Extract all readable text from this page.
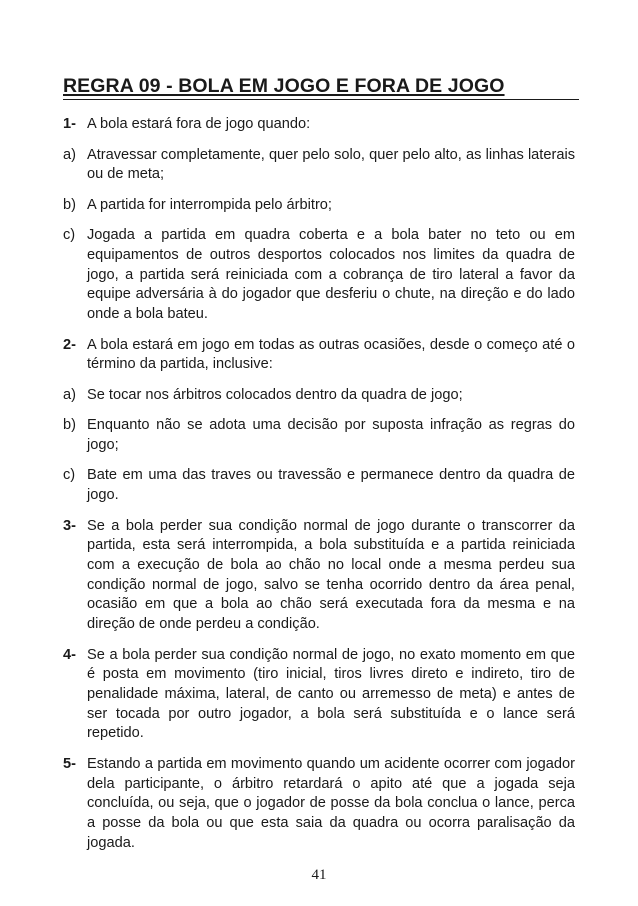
REGRA 09 - BOLA EM JOGO E FORA DE JOGO
1- A bola estará fora de jogo quando:
a) Atravessar completamente, quer pelo solo, quer pelo alto, as linhas laterais ou de meta;
b) A partida for interrompida pelo árbitro;
c) Jogada a partida em quadra coberta e a bola bater no teto ou em equipamentos de outros desportos colocados nos limites da quadra de jogo, a partida será reiniciada com a cobrança de tiro lateral a favor da equipe adversária à do jogador que desferiu o chute, na direção e do lado onde a bola bateu.
2- A bola estará em jogo em todas as outras ocasiões, desde o começo até o término da partida, inclusive:
a) Se tocar nos árbitros colocados dentro da quadra de jogo;
b) Enquanto não se adota uma decisão por suposta infração as regras do jogo;
c) Bate em uma das traves ou travessão e permanece dentro da quadra de jogo.
3- Se a bola perder sua condição normal de jogo durante o transcorrer da partida, esta será interrompida, a bola substituída e a partida reiniciada com a execução de bola ao chão no local onde a mesma perdeu sua condição normal de jogo, salvo se tenha ocorrido dentro da área penal, ocasião em que a bola ao chão será executada fora da mesma e na direção de onde perdeu a condição.
4- Se a bola perder sua condição normal de jogo, no exato momento em que é posta em movimento (tiro inicial, tiros livres direto e indireto, tiro de penalidade máxima, lateral, de canto ou arremesso de meta) e antes de ser tocada por outro jogador, a bola será substituída e o lance será repetido.
5- Estando a partida em movimento quando um acidente ocorrer com jogador dela participante, o árbitro retardará o apito até que a jogada seja concluída, ou seja, que o jogador de posse da bola conclua o lance, perca a posse da bola ou que esta saia da quadra ou ocorra paralisação da jogada.
41
